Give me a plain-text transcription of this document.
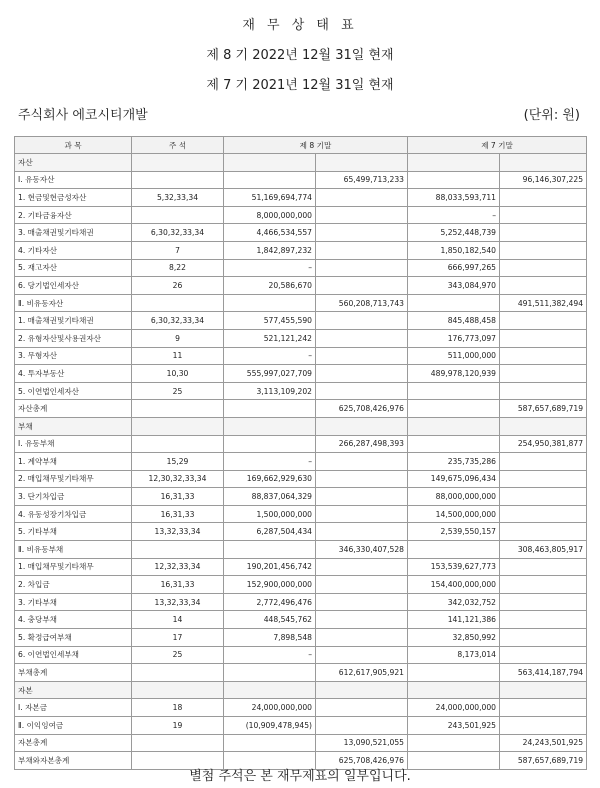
재 무 상 태 표
제 8 기 2022년 12월 31일 현재
제 7 기 2021년 12월 31일 현재
주식회사 에코시티개발	(단위: 원)
과 목	주 석	제 8 기말		제 7 기말	
자산					
Ⅰ. 유동자산			65,499,713,233		96,146,307,225
1. 현금및현금성자산	5,32,33,34	51,169,694,774		88,033,593,711	
2. 기타금융자산		8,000,000,000		–	
3. 매출채권및기타채권	6,30,32,33,34	4,466,534,557		5,252,448,739	
4. 기타자산	7	1,842,897,232		1,850,182,540	
5. 재고자산	8,22	–		666,997,265	
6. 당기법인세자산	26	20,586,670		343,084,970	
Ⅱ. 비유동자산			560,208,713,743		491,511,382,494
1. 매출채권및기타채권	6,30,32,33,34	577,455,590		845,488,458	
2. 유형자산및사용권자산	9	521,121,242		176,773,097	
3. 무형자산	11	–		511,000,000	
4. 투자부동산	10,30	555,997,027,709		489,978,120,939	
5. 이연법인세자산	25	3,113,109,202			
자산총계			625,708,426,976		587,657,689,719
부채					
Ⅰ. 유동부채			266,287,498,393		254,950,381,877
1. 계약부채	15,29	–		235,735,286	
2. 매입채무및기타채무	12,30,32,33,34	169,662,929,630		149,675,096,434	
3. 단기차입금	16,31,33	88,837,064,329		88,000,000,000	
4. 유동성장기차입금	16,31,33	1,500,000,000		14,500,000,000	
5. 기타부채	13,32,33,34	6,287,504,434		2,539,550,157	
Ⅱ. 비유동부채			346,330,407,528		308,463,805,917
1. 매입채무및기타채무	12,32,33,34	190,201,456,742		153,539,627,773	
2. 차입금	16,31,33	152,900,000,000		154,400,000,000	
3. 기타부채	13,32,33,34	2,772,496,476		342,032,752	
4. 충당부채	14	448,545,762		141,121,386	
5. 확정급여부채	17	7,898,548		32,850,992	
6. 이연법인세부채	25	–		8,173,014	
부채총계			612,617,905,921		563,414,187,794
자본					
Ⅰ. 자본금	18	24,000,000,000		24,000,000,000	
Ⅱ. 이익잉여금	19	(10,909,478,945)		243,501,925	
자본총계			13,090,521,055		24,243,501,925
부채와자본총계			625,708,426,976		587,657,689,719
별첨 주석은 본 재무제표의 일부입니다.
